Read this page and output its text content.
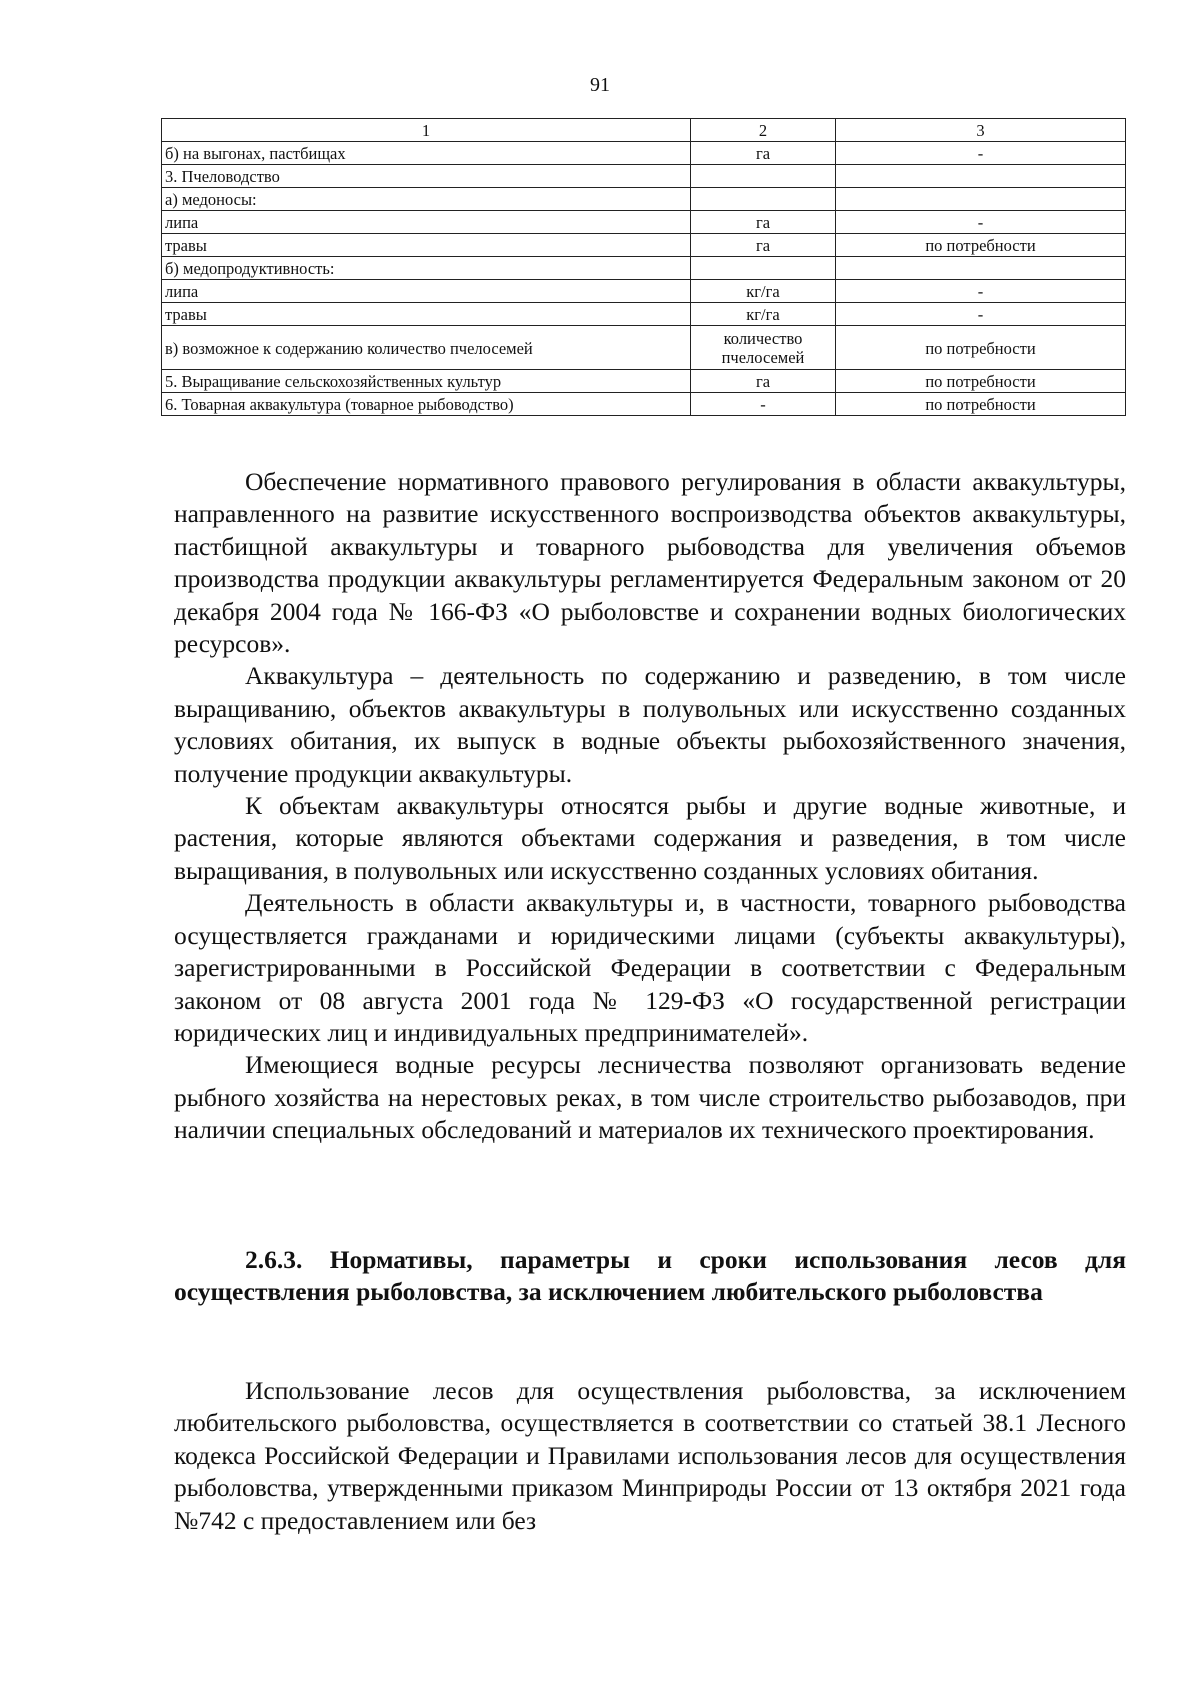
91
1	2	3
б) на выгонах, пастбищах	га	-
3. Пчеловодство		
а) медоносы:		
липа	га	-
травы	га	по потребности
б) медопродуктивность:		
липа	кг/га	-
травы	кг/га	-
в) возможное к содержанию количество пчелосемей	количество пчелосемей	по потребности
5. Выращивание сельскохозяйственных культур	га	по потребности
6. Товарная аквакультура (товарное рыбоводство)	-	по потребности

Обеспечение нормативного правового регулирования в области аквакультуры, направленного на развитие искусственного воспроизводства объектов аквакультуры, пастбищной аквакультуры и товарного рыбоводства для увеличения объемов производства продукции аквакультуры регламентируется Федеральным законом от 20 декабря 2004 года № 166-ФЗ «О рыболовстве и сохранении водных биологических ресурсов».

Аквакультура – деятельность по содержанию и разведению, в том числе выращиванию, объектов аквакультуры в полувольных или искусственно созданных условиях обитания, их выпуск в водные объекты рыбохозяйственного значения, получение продукции аквакультуры.

К объектам аквакультуры относятся рыбы и другие водные животные, и растения, которые являются объектами содержания и разведения, в том числе выращивания, в полувольных или искусственно созданных условиях обитания.

Деятельность в области аквакультуры и, в частности, товарного рыбоводства осуществляется гражданами и юридическими лицами (субъекты аквакультуры), зарегистрированными в Российской Федерации в соответствии с Федеральным законом от 08 августа 2001 года № 129-ФЗ «О государственной регистрации юридических лиц и индивидуальных предпринимателей».

Имеющиеся водные ресурсы лесничества позволяют организовать ведение рыбного хозяйства на нерестовых реках, в том числе строительство рыбозаводов, при наличии специальных обследований и материалов их технического проектирования.

2.6.3. Нормативы, параметры и сроки использования лесов для осуществления рыболовства, за исключением любительского рыболовства

Использование лесов для осуществления рыболовства, за исключением любительского рыболовства, осуществляется в соответствии со статьей 38.1 Лесного кодекса Российской Федерации и Правилами использования лесов для осуществления рыболовства, утвержденными приказом Минприроды России от 13 октября 2021 года №742 с предоставлением или без
